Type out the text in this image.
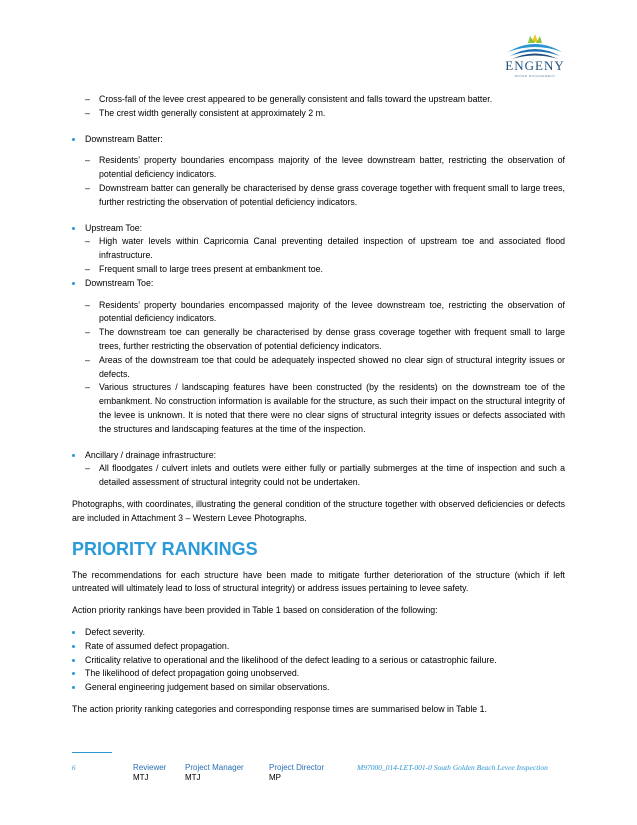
ENGENY
WATER MANAGEMENT
– Cross-fall of the levee crest appeared to be generally consistent and falls toward the upstream batter.
– The crest width generally consistent at approximately 2 m.
Downstream Batter:
– Residents’ property boundaries encompass majority of the levee downstream batter, restricting the observation of potential deficiency indicators.
– Downstream batter can generally be characterised by dense grass coverage together with frequent small to large trees, further restricting the observation of potential deficiency indicators.
Upstream Toe:
– High water levels within Capricornia Canal preventing detailed inspection of upstream toe and associated flood infrastructure.
– Frequent small to large trees present at embankment toe.
Downstream Toe:
– Residents’ property boundaries encompassed majority of the levee downstream toe, restricting the observation of potential deficiency indicators.
– The downstream toe can generally be characterised by dense grass coverage together with frequent small to large trees, further restricting the observation of potential deficiency indicators.
– Areas of the downstream toe that could be adequately inspected showed no clear sign of structural integrity issues or defects.
– Various structures / landscaping features have been constructed (by the residents) on the downstream toe of the embankment. No construction information is available for the structure, as such their impact on the structural integrity of the levee is unknown. It is noted that there were no clear signs of structural integrity issues or defects associated with the structures and landscaping features at the time of the inspection.
Ancillary / drainage infrastructure:
– All floodgates / culvert inlets and outlets were either fully or partially submerges at the time of inspection and such a detailed assessment of structural integrity could not be undertaken.

Photographs, with coordinates, illustrating the general condition of the structure together with observed deficiencies or defects are included in Attachment 3 – Western Levee Photographs.

PRIORITY RANKINGS

The recommendations for each structure have been made to mitigate further deterioration of the structure (which if left untreated will ultimately lead to loss of structural integrity) or address issues pertaining to levee safety.

Action priority rankings have been provided in Table 1 based on consideration of the following:

Defect severity.
Rate of assumed defect propagation.
Criticality relative to operational and the likelihood of the defect leading to a serious or catastrophic failure.
The likelihood of defect propagation going unobserved.
General engineering judgement based on similar observations.

The action priority ranking categories and corresponding response times are summarised below in Table 1.

6	Reviewer
MTJ
Project Manager
MTJ
Project Director
MP
M97000_014-LET-001-0 South Golden Beach Levee Inspection
